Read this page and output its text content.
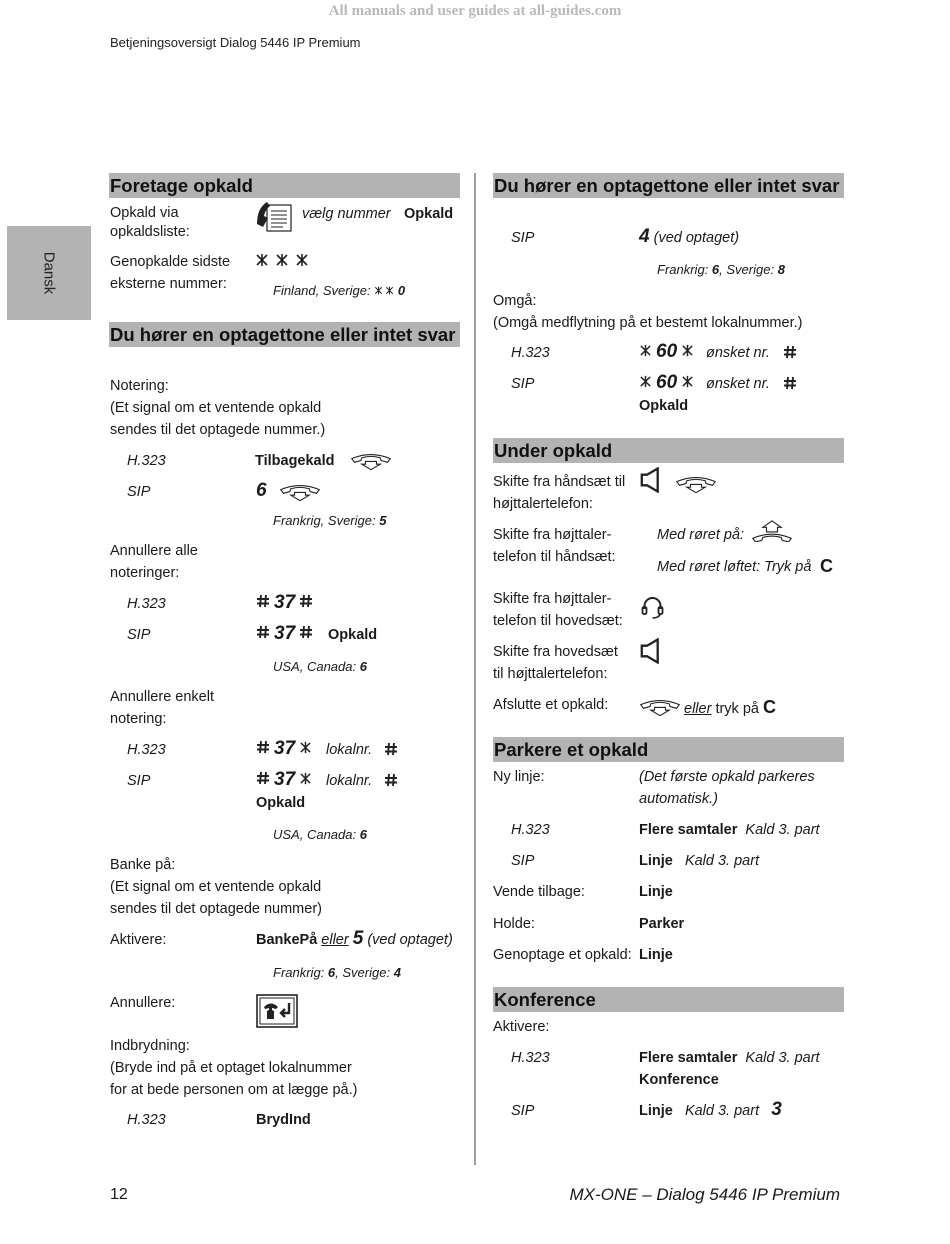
All manuals and user guides at all-guides.com
Betjeningsoversigt Dialog 5446 IP Premium
Dansk
Foretage opkald
Opkald via
opkaldsliste:
vælg nummer Opkald
Genopkalde sidste
eksterne nummer:
	Finland, Sverige: 0
Du hører en optagettone eller intet svar
Notering:
(Et signal om et ventende opkald
sendes til det optagede nummer.)
H.323	Tilbagekald
SIP	6
Frankrig, Sverige: 5
Annullere alle
noteringer:
H.323	37
SIP	37	Opkald
USA, Canada: 6
Annullere enkelt
notering:
H.323	37	lokalnr.
SIP	37	lokalnr.
Opkald
USA, Canada: 6
Banke på:
(Et signal om et ventende opkald
sendes til det optagede nummer)
Aktivere:	BankePå eller 5 (ved optaget)
Frankrig: 6, Sverige: 4
Annullere:
Indbrydning:
(Bryde ind på et optaget lokalnummer
for at bede personen om at lægge på.)
H.323	BrydInd
Du hører en optagettone eller intet svar
SIP	4 (ved optaget)
Frankrig: 6, Sverige: 8
Omgå:
(Omgå medflytning på et bestemt lokalnummer.)
H.323	60	ønsket nr.
SIP	60	ønsket nr.
Opkald
Under opkald
Skifte fra håndsæt til
højttalertelefon:
Skifte fra højttaler-
telefon til håndsæt:
Med røret på:
Med røret løftet: Tryk på C
Skifte fra højttaler-
telefon til hovedsæt:
Skifte fra hovedsæt
til højttalertelefon:
Afslutte et opkald:	eller tryk på C
Parkere et opkald
Ny linje:	(Det første opkald parkeres
automatisk.)
H.323	Flere samtaler Kald 3. part
SIP	Linje Kald 3. part
Vende tilbage:	Linje
Holde:	Parker
Genoptage et opkald: Linje
Konference
Aktivere:
H.323	Flere samtaler Kald 3. part
Konference
SIP	Linje Kald 3. part 3
12	MX-ONE – Dialog 5446 IP Premium
